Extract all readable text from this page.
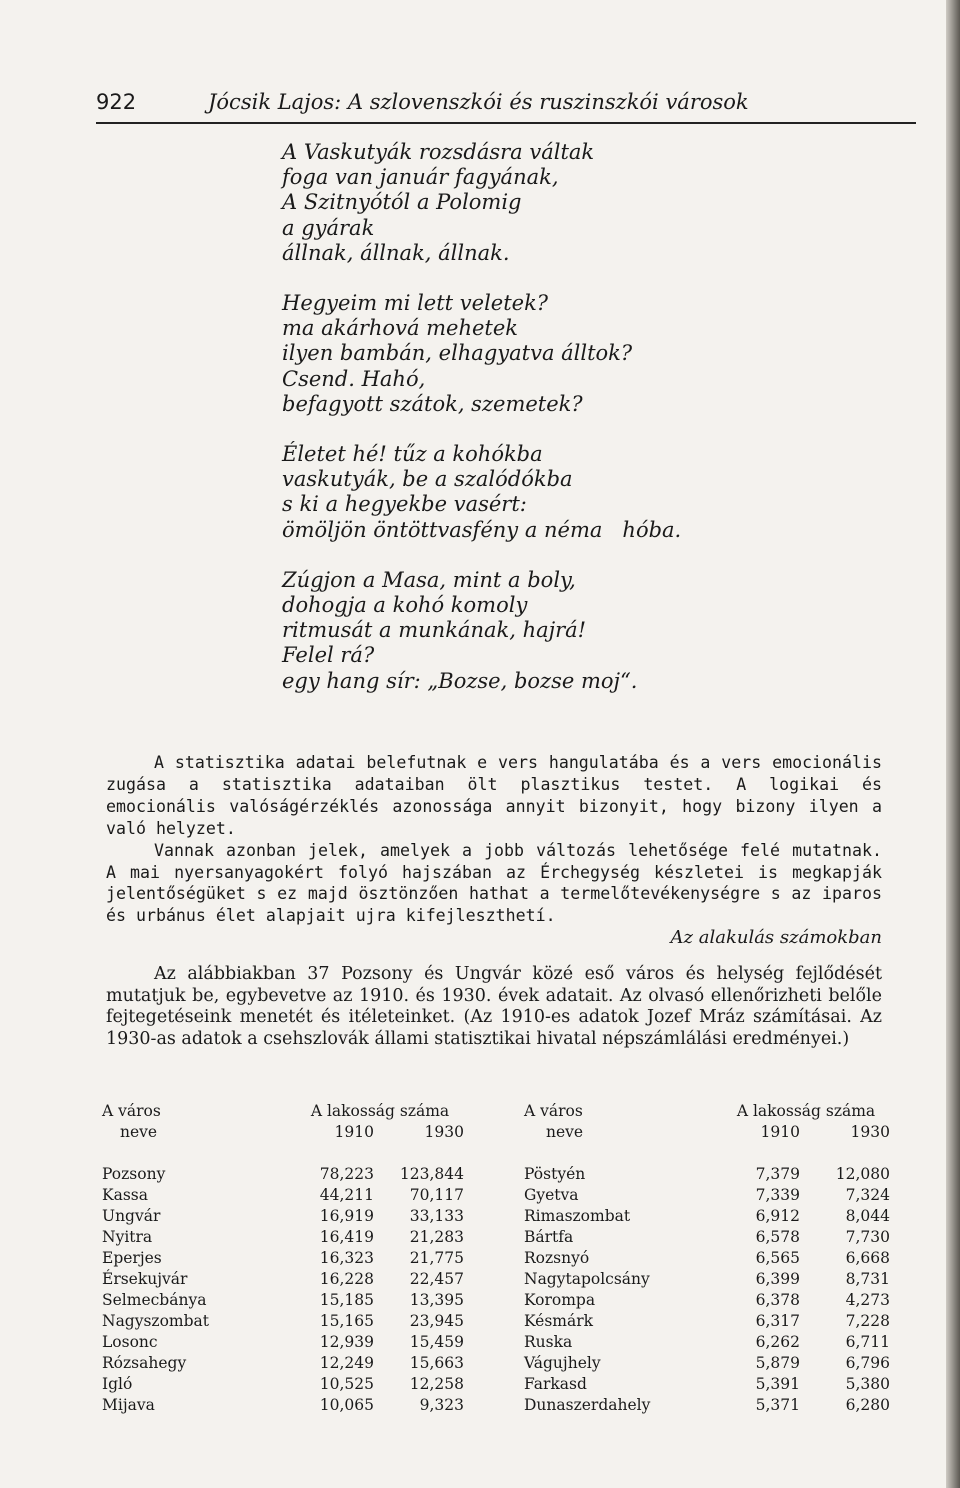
922	Jócsik Lajos: A szlovenszkói és ruszinszkói városok
A Vaskutyák rozsdásra váltak
foga van január fagyának,
A Szitnyótól a Polomig
a gyárak
állnak, állnak, állnak.
Hegyeim mi lett veletek?
ma akárhová mehetek
ilyen bambán, elhagyatva álltok?
Csend. Hahó,
befagyott szátok, szemetek?
Életet hé! tűz a kohókba
vaskutyák, be a szalódókba
s ki a hegyekbe vasért:
ömöljön öntöttvasfény a néma   hóba.
Zúgjon a Masa, mint a boly,
dohogja a kohó komoly
ritmusát a munkának, hajrá!
Felel rá?
egy hang sír: „Bozse, bozse moj“.

A statisztika adatai belefutnak e vers hangulatába és a vers emocionális zugása a statisztika adataiban ölt plasztikus testet. A logikai és emocionális valóságérzéklés azonossága annyit bizonyit, hogy bizony ilyen a való helyzet.

Vannak azonban jelek, amelyek a jobb változás lehetősége felé mutatnak. A mai nyersanyagokért folyó hajszában az Érchegység készletei is megkapják jelentőségüket s ez majd ösztönzően hathat a termelőtevékenységre s az iparos és urbánus élet alapjait ujra kifejleszthetí.

Az alakulás számokban

Az alábbiakban 37 Pozsony és Ungvár közé eső város és helység fejlődését mutatjuk be, egybevetve az 1910. és 1930. évek adatait. Az olvasó ellenőrizheti belőle fejtegetéseink menetét és itéleteinket. (Az 1910-es adatok Jozef Mráz számításai. Az 1930-as adatok a csehszlovák állami statisztikai hivatal népszámlálási eredményei.)

A város	A lakosság száma	
neve	1910	1930

Pozsony	78,223	123,844
Kassa	44,211	70,117
Ungvár	16,919	33,133
Nyitra	16,419	21,283
Eperjes	16,323	21,775
Érsekujvár	16,228	22,457
Selmecbánya	15,185	13,395
Nagyszombat	15,165	23,945
Losonc	12,939	15,459
Rózsahegy	12,249	15,663
Igló	10,525	12,258
Mijava	10,065	9,323
A város	A lakosság száma	
neve	1910	1930

Pöstyén	7,379	12,080
Gyetva	7,339	7,324
Rimaszombat	6,912	8,044
Bártfa	6,578	7,730
Rozsnyó	6,565	6,668
Nagytapolcsány	6,399	8,731
Korompa	6,378	4,273
Késmárk	6,317	7,228
Ruska	6,262	6,711
Vágujhely	5,879	6,796
Farkasd	5,391	5,380
Dunaszerdahely	5,371	6,280
